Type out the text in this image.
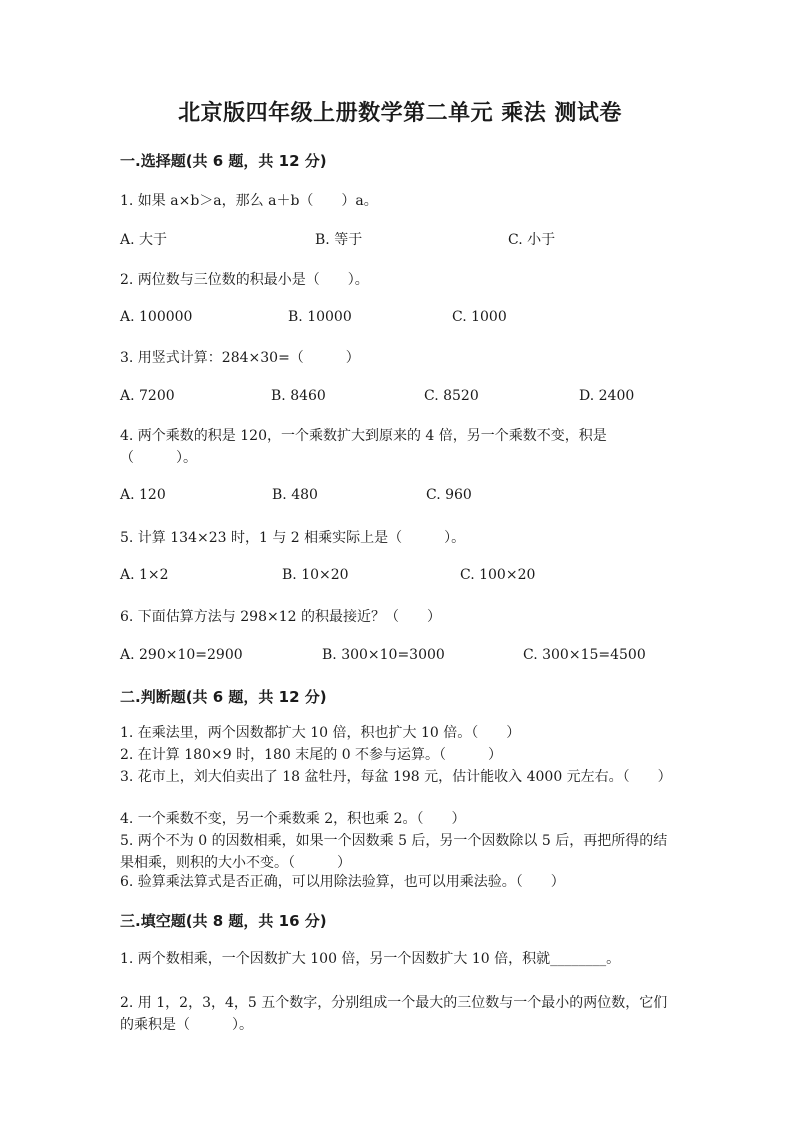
北京版四年级上册数学第二单元 乘法 测试卷
一.选择题(共 6 题，共 12 分)
1. 如果 a×b＞a，那么 a＋b（　　）a。
A. 大于	B. 等于	C. 小于
2. 两位数与三位数的积最小是（　　）。
A. 100000	B. 10000	C. 1000
3. 用竖式计算：284×30=（　　　）
A. 7200	B. 8460	C. 8520	D. 2400
4. 两个乘数的积是 120，一个乘数扩大到原来的 4 倍，另一个乘数不变，积是（　　　）。
A. 120	B. 480	C. 960
5. 计算 134×23 时，1 与 2 相乘实际上是（　　　）。
A. 1×2	B. 10×20	C. 100×20
6. 下面估算方法与 298×12 的积最接近？（　　）
A. 290×10=2900	B. 300×10=3000	C. 300×15=4500
二.判断题(共 6 题，共 12 分)
1. 在乘法里，两个因数都扩大 10 倍，积也扩大 10 倍。（　　）
2. 在计算 180×9 时，180 末尾的 0 不参与运算。（　　　）
3. 花市上，刘大伯卖出了 18 盆牡丹，每盆 198 元，估计能收入 4000 元左右。（　　）
4. 一个乘数不变，另一个乘数乘 2，积也乘 2。（　　）
5. 两个不为 0 的因数相乘，如果一个因数乘 5 后，另一个因数除以 5 后，再把所得的结果相乘，则积的大小不变。（　　　）
6. 验算乘法算式是否正确，可以用除法验算，也可以用乘法验。（　　）
三.填空题(共 8 题，共 16 分)
1. 两个数相乘，一个因数扩大 100 倍，另一个因数扩大 10 倍，积就________。
2. 用 1，2，3，4，5 五个数字，分别组成一个最大的三位数与一个最小的两位数，它们的乘积是（　　　）。
